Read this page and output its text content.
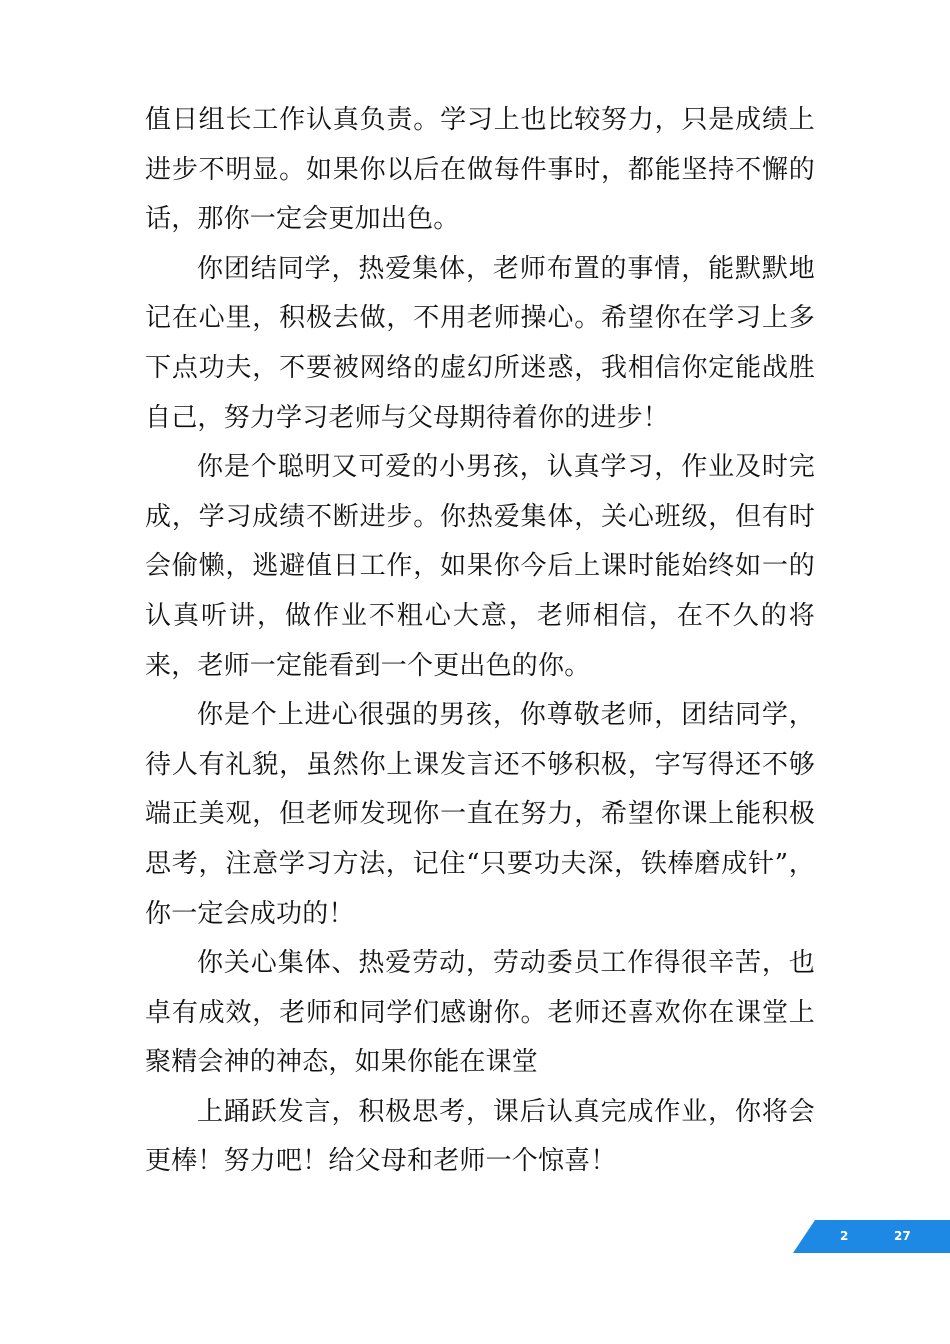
值日组长工作认真负责。学习上也比较努力，只是成绩上进步不明显。如果你以后在做每件事时，都能坚持不懈的话，那你一定会更加出色。

你团结同学，热爱集体，老师布置的事情，能默默地记在心里，积极去做，不用老师操心。希望你在学习上多下点功夫，不要被网络的虚幻所迷惑，我相信你定能战胜自己，努力学习老师与父母期待着你的进步！

你是个聪明又可爱的小男孩，认真学习，作业及时完成，学习成绩不断进步。你热爱集体，关心班级，但有时会偷懒，逃避值日工作，如果你今后上课时能始终如一的认真听讲，做作业不粗心大意，老师相信，在不久的将来，老师一定能看到一个更出色的你。

你是个上进心很强的男孩，你尊敬老师，团结同学，待人有礼貌，虽然你上课发言还不够积极，字写得还不够端正美观，但老师发现你一直在努力，希望你课上能积极思考，注意学习方法，记住“只要功夫深，铁棒磨成针”，你一定会成功的！

你关心集体、热爱劳动，劳动委员工作得很辛苦，也卓有成效，老师和同学们感谢你。老师还喜欢你在课堂上聚精会神的神态，如果你能在课堂

上踊跃发言，积极思考，课后认真完成作业，你将会更棒！努力吧！给父母和老师一个惊喜！

2	27
